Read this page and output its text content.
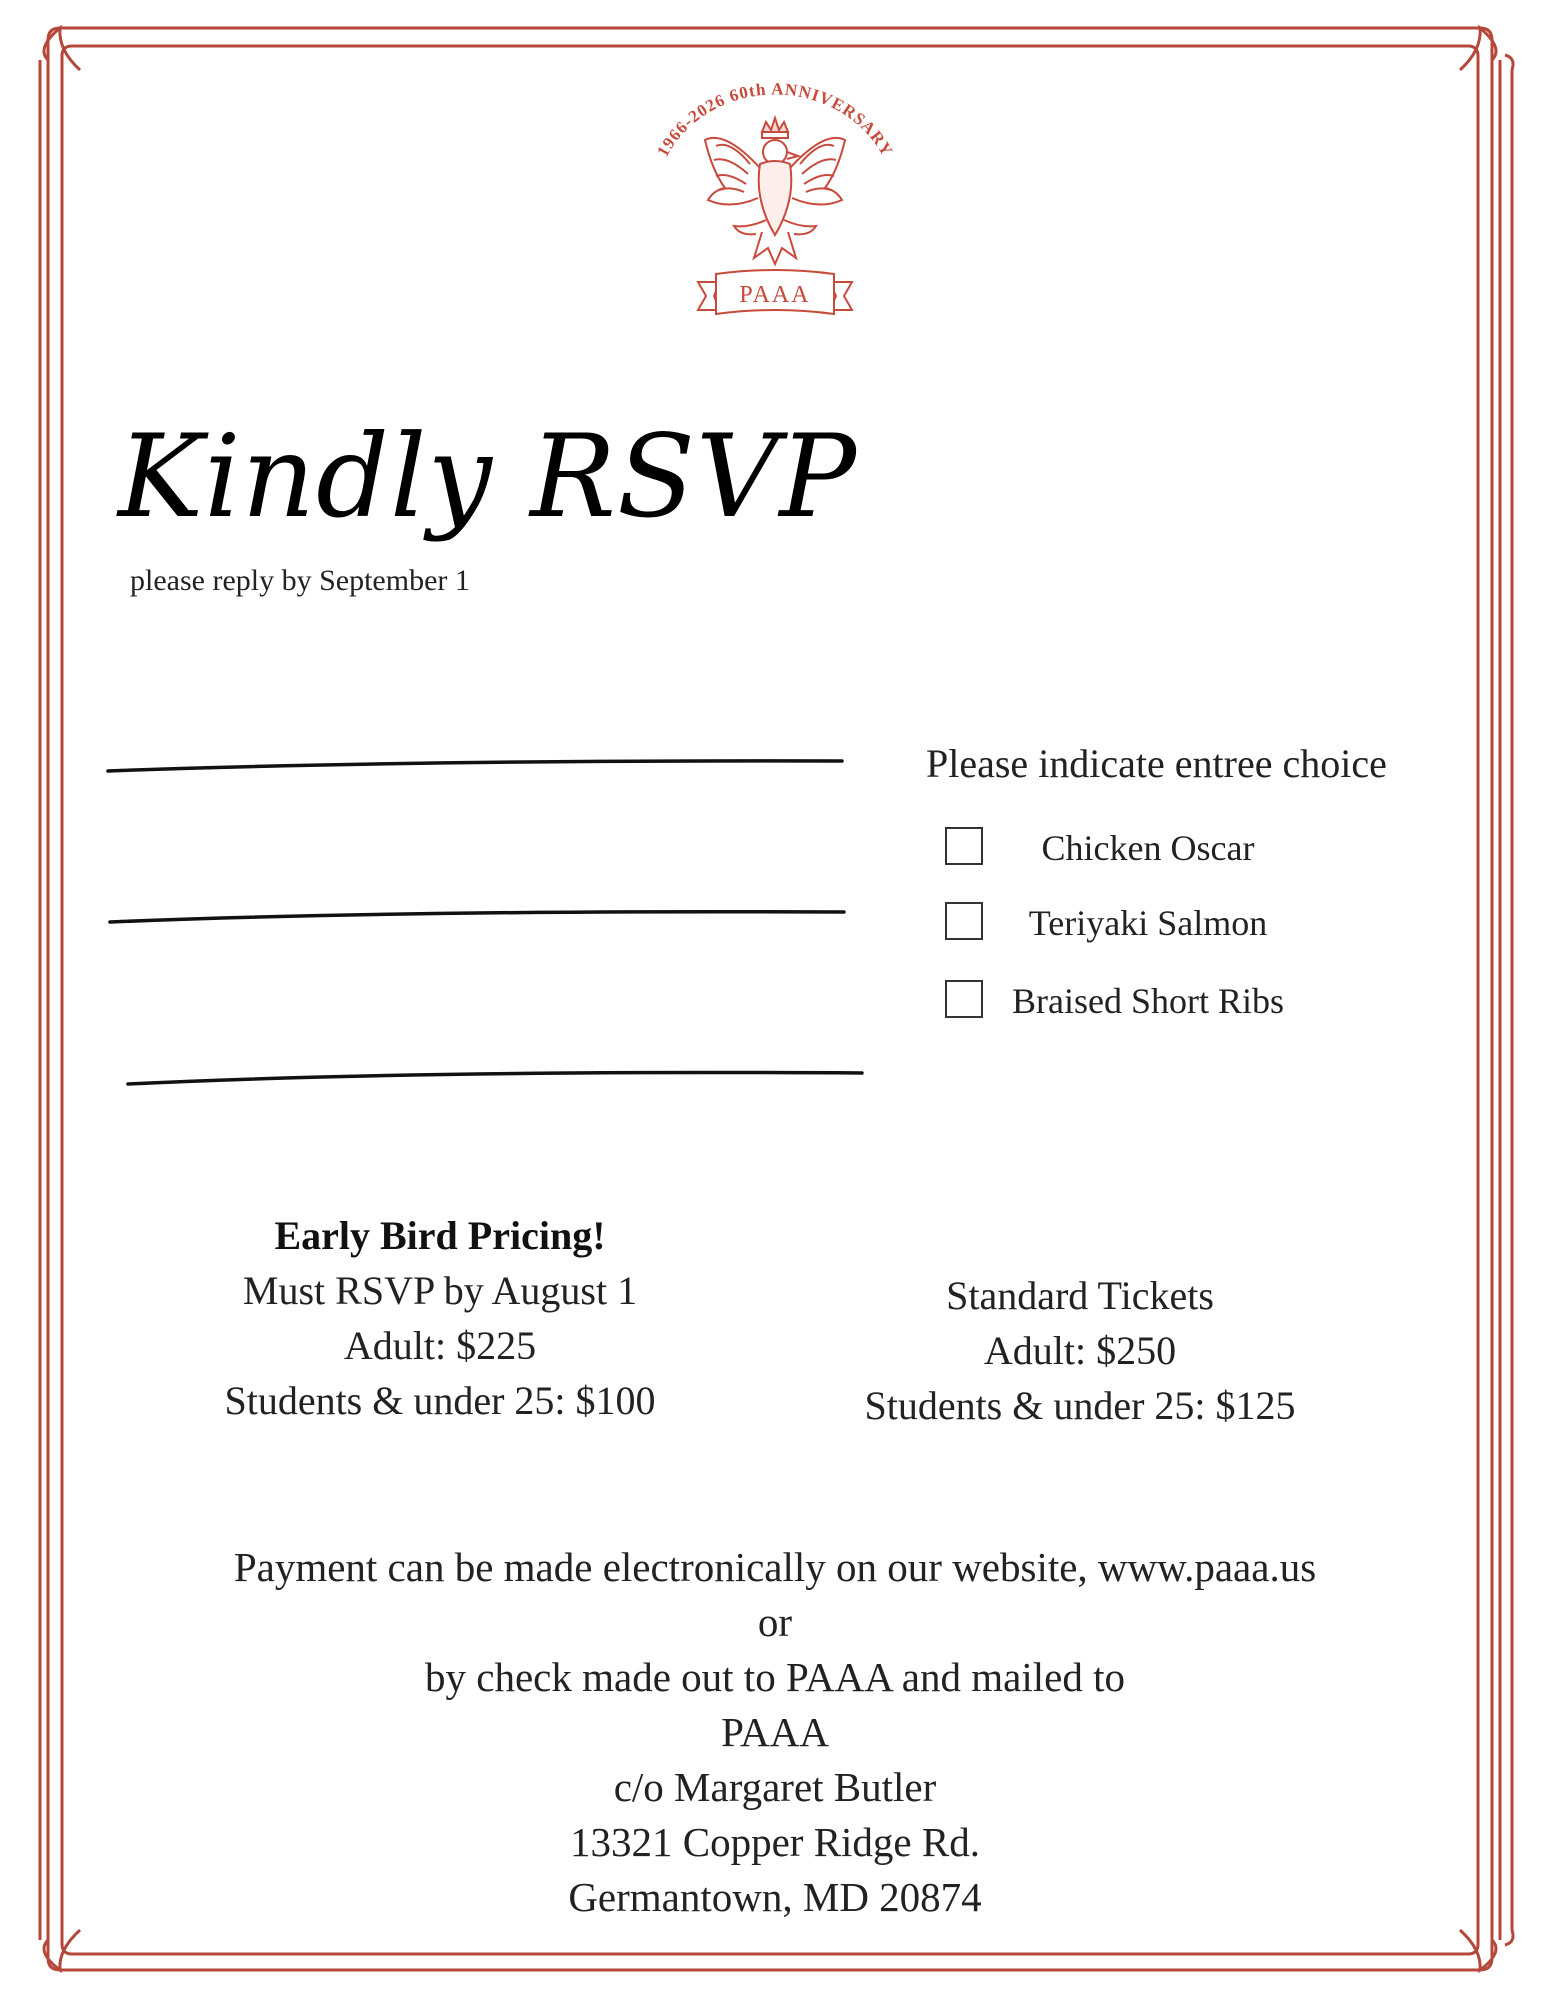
1966-2026 60th ANNIVERSARY
PAAA
Kindly RSVP
please reply by September 1
Please indicate entree choice
Chicken Oscar
Teriyaki Salmon
Braised Short Ribs
Early Bird Pricing!
Must RSVP by August 1
Adult: $225
Students & under 25: $100
Standard Tickets
Adult: $250
Students & under 25: $125
Payment can be made electronically on our website, www.paaa.us
or
by check made out to PAAA and mailed to
PAAA
c/o Margaret Butler
13321 Copper Ridge Rd.
Germantown, MD 20874
